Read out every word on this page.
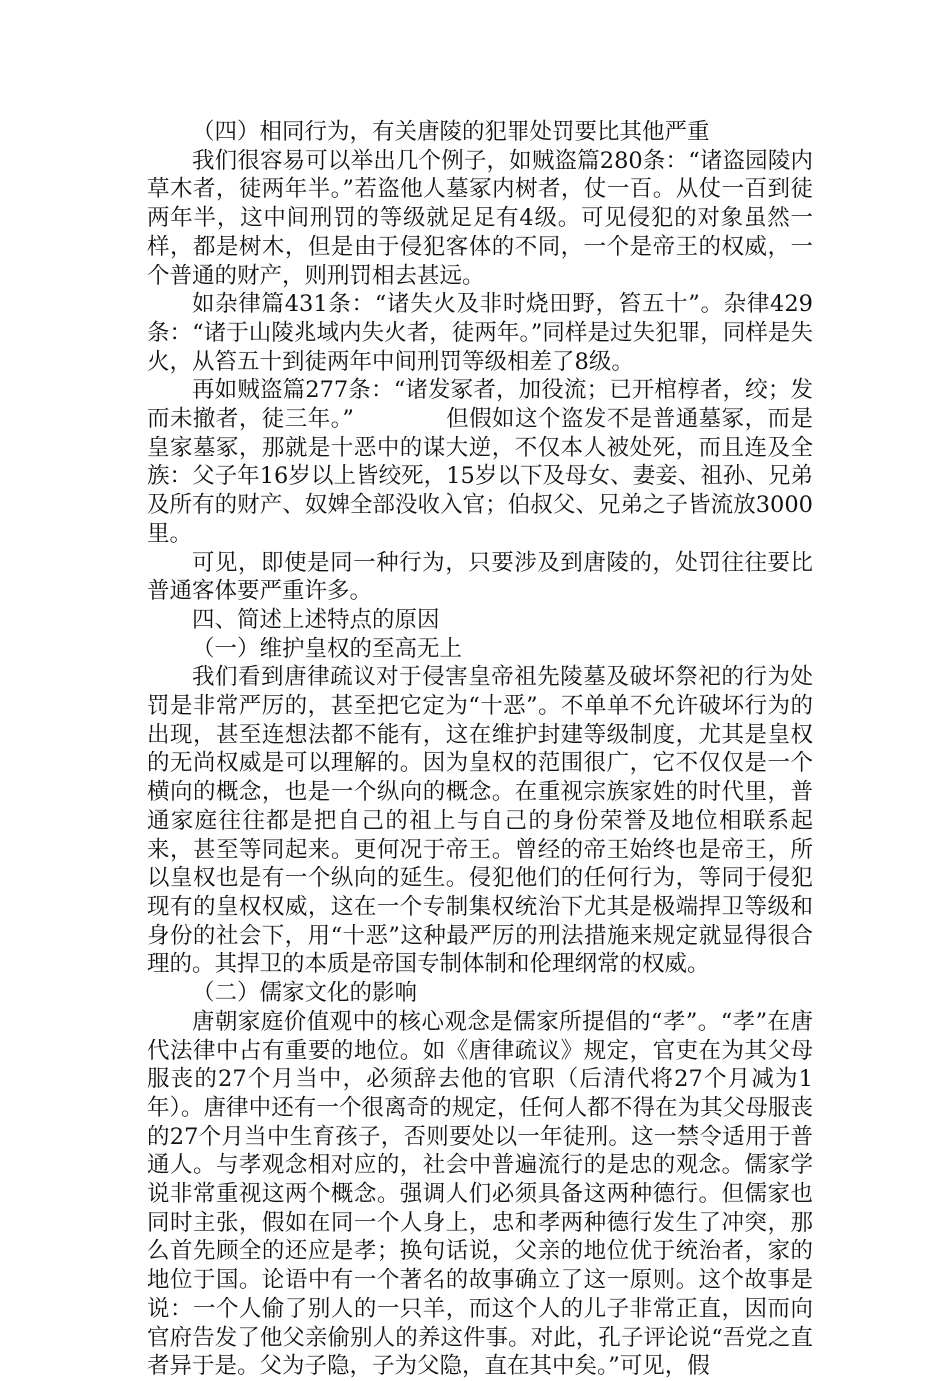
（四）相同行为，有关唐陵的犯罪处罚要比其他严重

我们很容易可以举出几个例子，如贼盗篇280条：“诸盗园陵内草木者，徒两年半。”若盗他人墓冢内树者，仗一百。从仗一百到徒两年半，这中间刑罚的等级就足足有4级。可见侵犯的对象虽然一样，都是树木，但是由于侵犯客体的不同，一个是帝王的权威，一个普通的财产，则刑罚相去甚远。

如杂律篇431条：“诸失火及非时烧田野，笞五十”。杂律429条：“诸于山陵兆域内失火者，徒两年。”同样是过失犯罪，同样是失火，从笞五十到徒两年中间刑罚等级相差了8级。

再如贼盗篇277条：“诸发冢者，加役流；已开棺椁者，绞；发而未撤者，徒三年。”　　　　但假如这个盗发不是普通墓冢，而是皇家墓冢，那就是十恶中的谋大逆，不仅本人被处死，而且连及全族：父子年16岁以上皆绞死，15岁以下及母女、妻妾、祖孙、兄弟及所有的财产、奴婢全部没收入官；伯叔父、兄弟之子皆流放3000里。

可见，即使是同一种行为，只要涉及到唐陵的，处罚往往要比普通客体要严重许多。

四、简述上述特点的原因

（一）维护皇权的至高无上

我们看到唐律疏议对于侵害皇帝祖先陵墓及破坏祭祀的行为处罚是非常严厉的，甚至把它定为“十恶”。不单单不允许破坏行为的出现，甚至连想法都不能有，这在维护封建等级制度，尤其是皇权的无尚权威是可以理解的。因为皇权的范围很广，它不仅仅是一个横向的概念，也是一个纵向的概念。在重视宗族家姓的时代里，普通家庭往往都是把自己的祖上与自己的身份荣誉及地位相联系起来，甚至等同起来。更何况于帝王。曾经的帝王始终也是帝王，所以皇权也是有一个纵向的延生。侵犯他们的任何行为，等同于侵犯现有的皇权权威，这在一个专制集权统治下尤其是极端捍卫等级和身份的社会下，用“十恶”这种最严厉的刑法措施来规定就显得很合理的。其捍卫的本质是帝国专制体制和伦理纲常的权威。

（二）儒家文化的影响

唐朝家庭价值观中的核心观念是儒家所提倡的“孝”。“孝”在唐代法律中占有重要的地位。如《唐律疏议》规定，官吏在为其父母服丧的27个月当中，必须辞去他的官职（后清代将27个月减为1年）。唐律中还有一个很离奇的规定，任何人都不得在为其父母服丧的27个月当中生育孩子，否则要处以一年徒刑。这一禁令适用于普通人。与孝观念相对应的，社会中普遍流行的是忠的观念。儒家学说非常重视这两个概念。强调人们必须具备这两种德行。但儒家也同时主张，假如在同一个人身上，忠和孝两种德行发生了冲突，那么首先顾全的还应是孝；换句话说，父亲的地位优于统治者，家的地位于国。论语中有一个著名的故事确立了这一原则。这个故事是说：一个人偷了别人的一只羊，而这个人的儿子非常正直，因而向官府告发了他父亲偷别人的养这件事。对此，孔子评论说“吾党之直者异于是。父为子隐，子为父隐，直在其中矣。”可见，假
